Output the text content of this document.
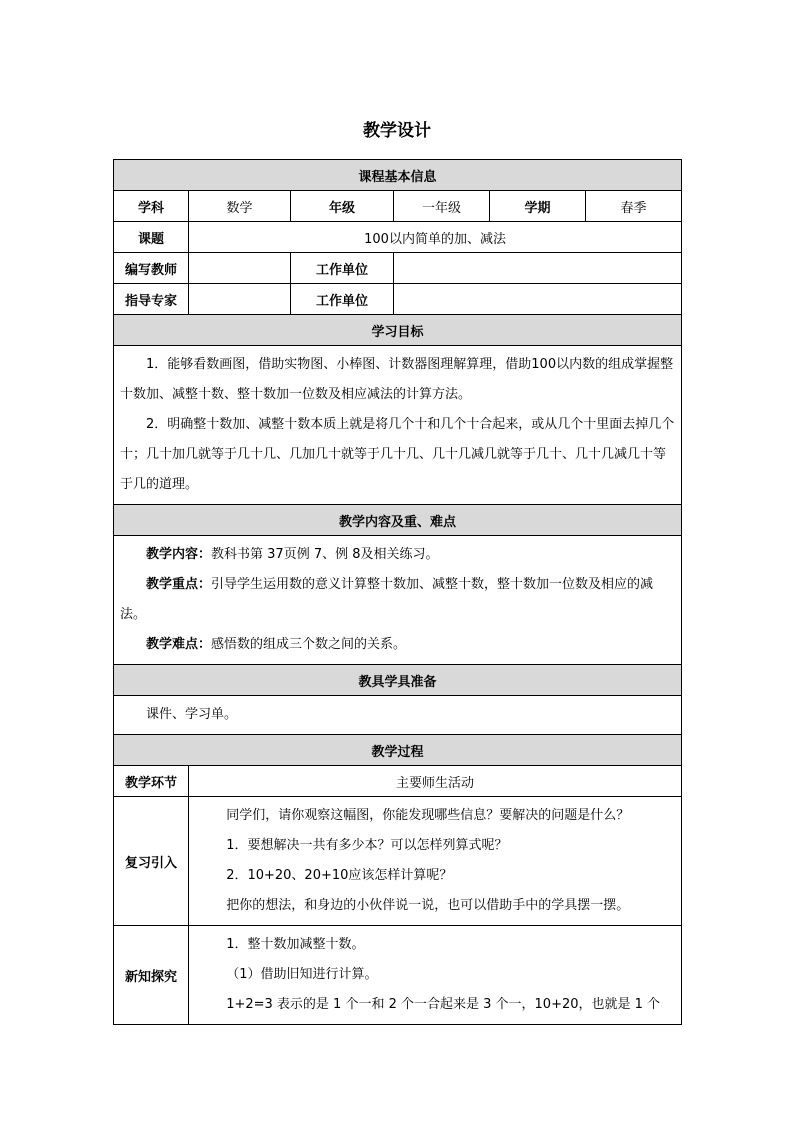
教学设计
课程基本信息					
学科	数学	年级	一年级	学期	春季
课题	100以内简单的加、减法				
编写教师		工作单位			
指导专家		工作单位			
学习目标					

1．能够看数画图，借助实物图、小棒图、计数器图理解算理，借助100以内数的组成掌握整十数加、减整十数、整十数加一位数及相应减法的计算方法。

2．明确整十数加、减整十数本质上就是将几个十和几个十合起来，或从几个十里面去掉几个十；几十加几就等于几十几、几加几十就等于几十几、几十几减几就等于几十、几十几减几十等于几的道理。					

教学内容及重、难点					

教学内容：教科书第 37页例 7、例 8及相关练习。

教学重点：引导学生运用数的意义计算整十数加、减整十数，整十数加一位数及相应的减法。

教学难点：感悟数的组成三个数之间的关系。					

教具学具准备					

课件、学习单。					

教学过程					
教学环节	主要师生活动				
复习引入	同学们，请你观察这幅图，你能发现哪些信息？要解决的问题是什么？

1．要想解决一共有多少本？可以怎样列算式呢？

2．10+20、20+10应该怎样计算呢？

把你的想法，和身边的小伙伴说一说，也可以借助手中的学具摆一摆。				

新知探究	1．整十数加减整十数。

（1）借助旧知进行计算。

1+2=3 表示的是 1 个一和 2 个一合起来是 3 个一，10+20，也就是 1 个				
